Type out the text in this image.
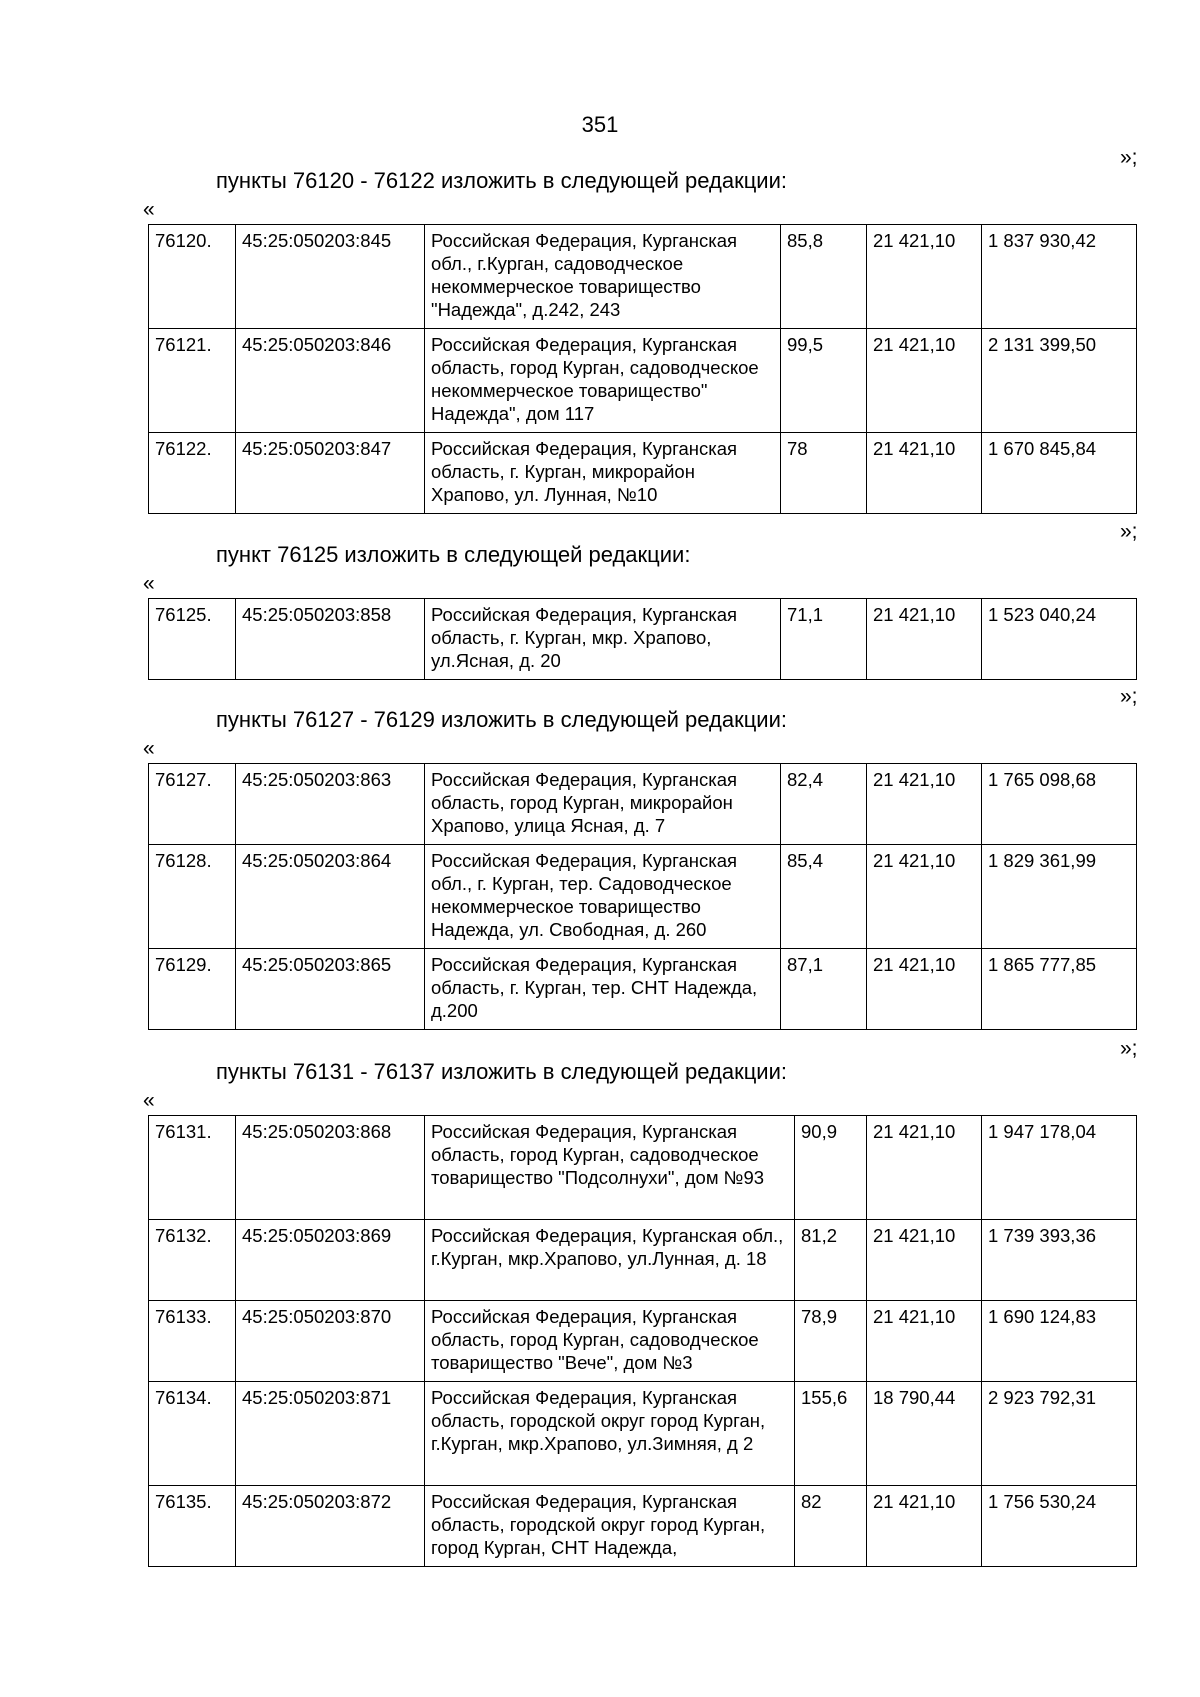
351
»;
пункты 76120 - 76122 изложить в следующей редакции:
«
76120.	45:25:050203:845	Российская Федерация, Курганская обл., г.Курган, садоводческое некоммерческое товарищество "Надежда", д.242, 243	85,8	21 421,10	1 837 930,42
76121.	45:25:050203:846	Российская Федерация, Курганская область, город Курган, садоводческое некоммерческое товарищество" Надежда", дом 117	99,5	21 421,10	2 131 399,50
76122.	45:25:050203:847	Российская Федерация, Курганская область, г. Курган, микрорайон Храпово, ул. Лунная, №10	78	21 421,10	1 670 845,84
»;
пункт 76125 изложить в следующей редакции:
«
76125.	45:25:050203:858	Российская Федерация, Курганская область, г. Курган, мкр. Храпово, ул.Ясная, д. 20	71,1	21 421,10	1 523 040,24
»;
пункты 76127 - 76129 изложить в следующей редакции:
«
76127.	45:25:050203:863	Российская Федерация, Курганская область, город Курган, микрорайон Храпово, улица Ясная, д. 7	82,4	21 421,10	1 765 098,68
76128.	45:25:050203:864	Российская Федерация, Курганская обл., г. Курган, тер. Садоводческое некоммерческое товарищество Надежда, ул. Свободная, д. 260	85,4	21 421,10	1 829 361,99
76129.	45:25:050203:865	Российская Федерация, Курганская область, г. Курган, тер. СНТ Надежда, д.200	87,1	21 421,10	1 865 777,85
»;
пункты 76131 - 76137 изложить в следующей редакции:
«
76131.	45:25:050203:868	Российская Федерация, Курганская область, город Курган, садоводческое товарищество "Подсолнухи", дом №93	90,9	21 421,10	1 947 178,04
76132.	45:25:050203:869	Российская Федерация, Курганская обл., г.Курган, мкр.Храпово, ул.Лунная, д. 18	81,2	21 421,10	1 739 393,36
76133.	45:25:050203:870	Российская Федерация, Курганская область, город Курган, садоводческое товарищество "Вече", дом №3	78,9	21 421,10	1 690 124,83
76134.	45:25:050203:871	Российская Федерация, Курганская область, городской округ город Курган, г.Курган, мкр.Храпово, ул.Зимняя, д 2	155,6	18 790,44	2 923 792,31
76135.	45:25:050203:872	Российская Федерация, Курганская область, городской округ город Курган, город Курган, СНТ Надежда,	82	21 421,10	1 756 530,24
